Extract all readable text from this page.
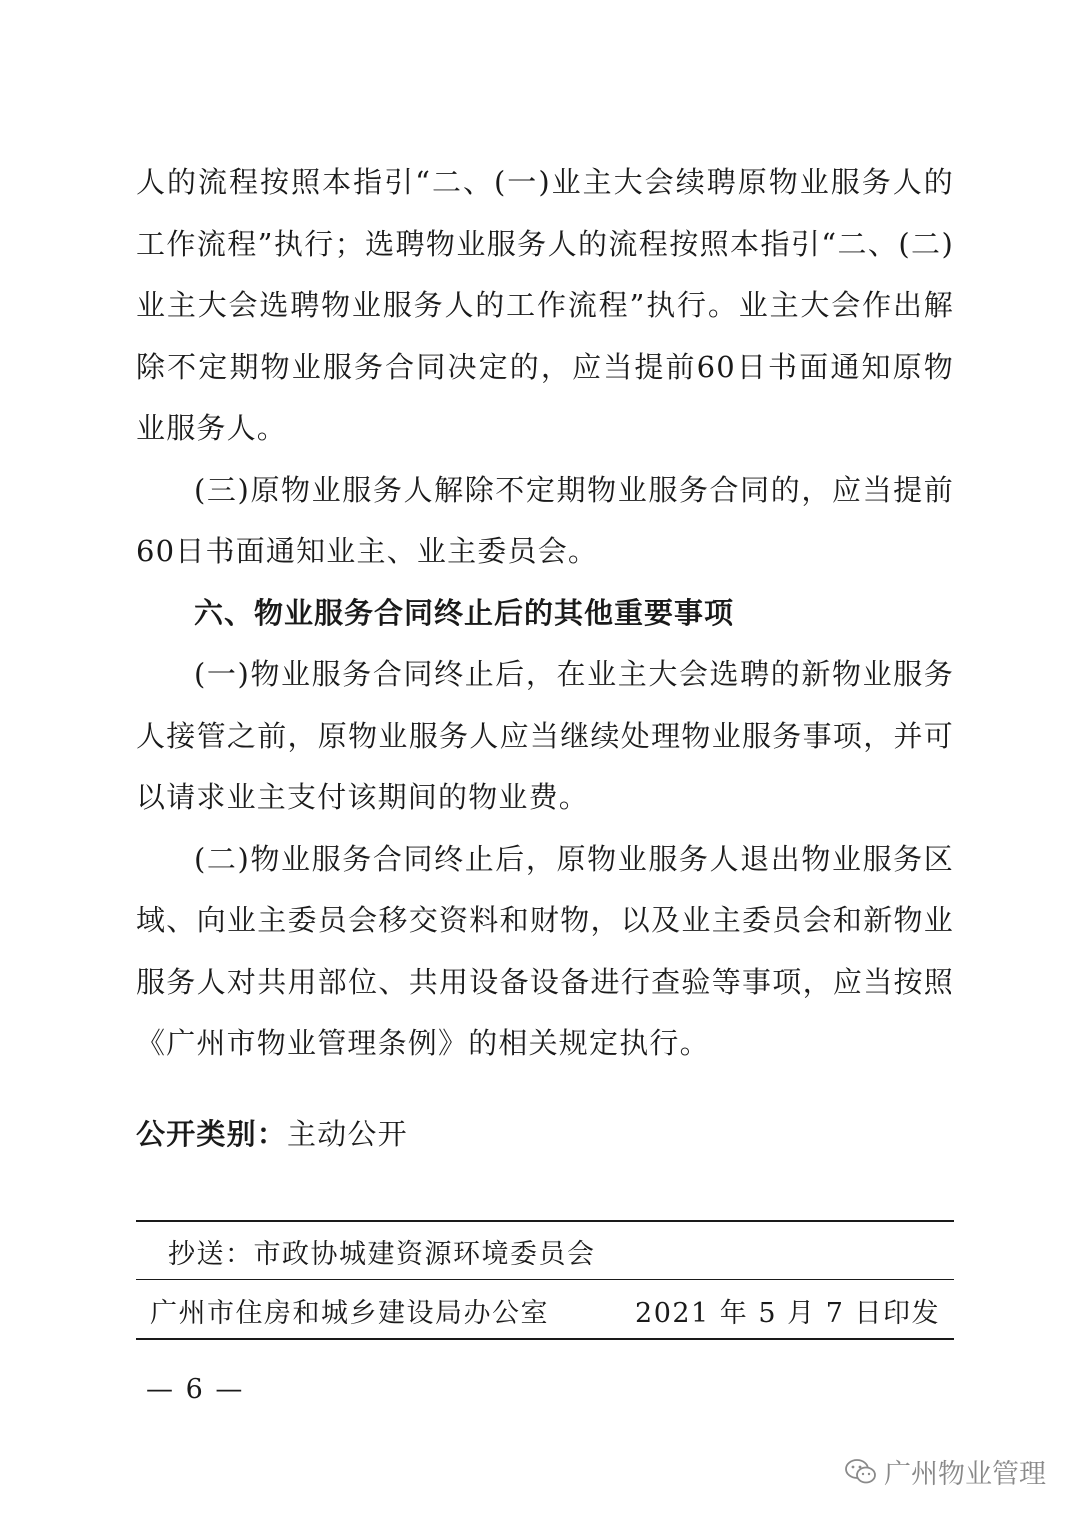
人的流程按照本指引“二、(一)业主大会续聘原物业服务人的工作流程”执行；选聘物业服务人的流程按照本指引“二、(二)业主大会选聘物业服务人的工作流程”执行。业主大会作出解除不定期物业服务合同决定的，应当提前60日书面通知原物业服务人。

(三)原物业服务人解除不定期物业服务合同的，应当提前60日书面通知业主、业主委员会。

六、物业服务合同终止后的其他重要事项

(一)物业服务合同终止后，在业主大会选聘的新物业服务人接管之前，原物业服务人应当继续处理物业服务事项，并可以请求业主支付该期间的物业费。

(二)物业服务合同终止后，原物业服务人退出物业服务区域、向业主委员会移交资料和财物，以及业主委员会和新物业服务人对共用部位、共用设备设备进行查验等事项，应当按照《广州市物业管理条例》的相关规定执行。

公开类别：主动公开
抄送：市政协城建资源环境委员会
广州市住房和城乡建设局办公室	2021 年 5 月 7 日印发
— 6 —
广州物业管理
